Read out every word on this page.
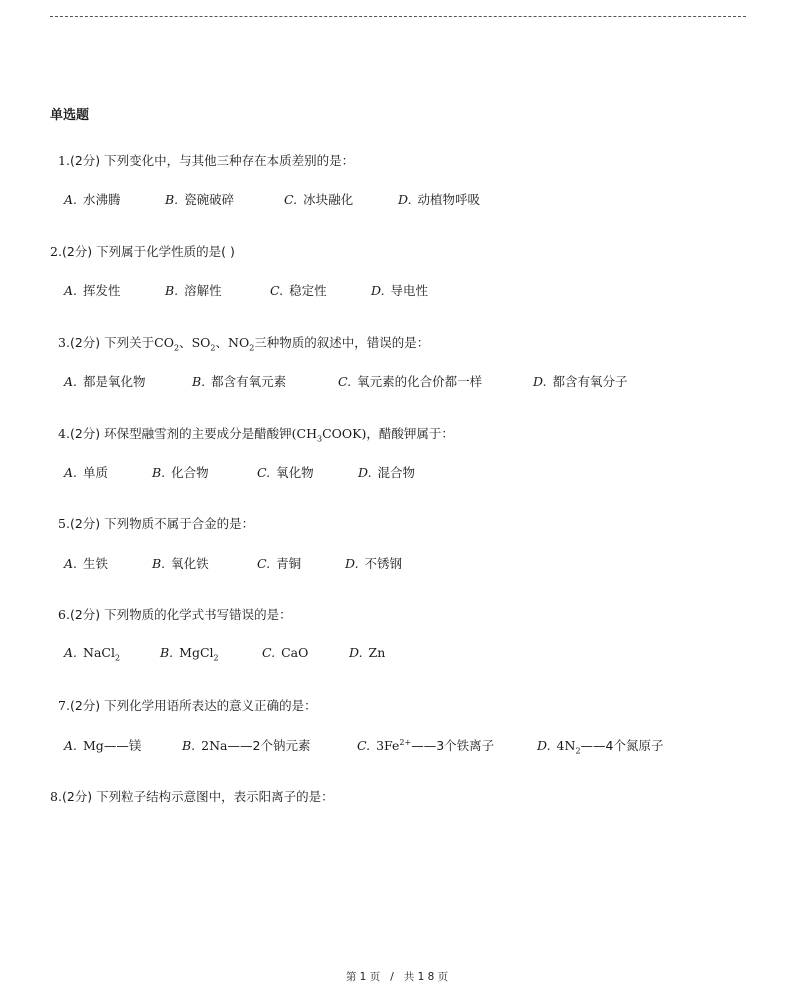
单选题
1.(2分) 下列变化中，与其他三种存在本质差别的是：
A. 水沸腾	B. 瓷碗破碎	C. 冰块融化	D. 动植物呼吸
2.(2分) 下列属于化学性质的是( )
A. 挥发性	B. 溶解性	C. 稳定性	D. 导电性
3.(2分) 下列关于$CO_2$、$SO_2$、$NO_2$三种物质的叙述中，错误的是：
A. 都是氧化物	B. 都含有氧元素	C. 氧元素的化合价都一样	D. 都含有氧分子
4.(2分) 环保型融雪剂的主要成分是醋酸钾$(CH_3COOK)$，醋酸钾属于：
A. 单质	B. 化合物	C. 氧化物	D. 混合物
5.(2分) 下列物质不属于合金的是：
A. 生铁	B. 氧化铁	C. 青铜	D. 不锈钢
6.(2分) 下列物质的化学式书写错误的是：
A. NaCl$_2$	B. MgCl$_2$	C. CaO	D. Zn
7.(2分) 下列化学用语所表达的意义正确的是：
A. Mg——镁	B. 2Na——2个钠元素	C. $3Fe^{2+}——3$个铁离子	D. $4N_2——4$个氮原子
8.(2分) 下列粒子结构示意图中，表示阳离子的是：
第 1 页 / 共 1 8 页
